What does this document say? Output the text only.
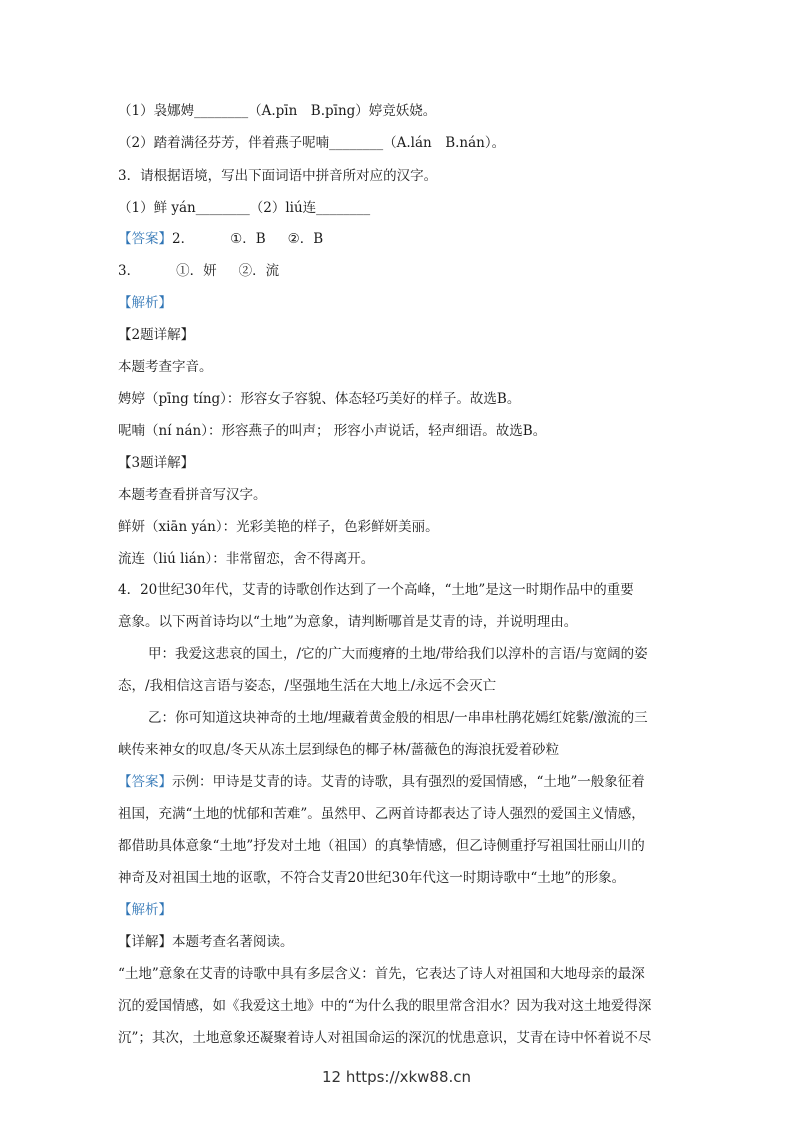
（1）袅娜娉________（A.pīn　B.pīng）婷竞妖娆。
（2）踏着满径芬芳，伴着燕子呢喃________（A.lán　B.nán）。
3．请根据语境，写出下面词语中拼音所对应的汉字。
（1）鲜 yán________（2）liú连________
【答案】2．	①．B ②．B
3．	①．妍 ②．流
【解析】
【2题详解】
本题考查字音。
娉婷（pīng tíng）：形容女子容貌、体态轻巧美好的样子。故选B。
呢喃（ní nán）：形容燕子的叫声； 形容小声说话，轻声细语。故选B。
【3题详解】
本题考查看拼音写汉字。
鲜妍（xiān yán）：光彩美艳的样子，色彩鲜妍美丽。
流连（liú lián）：非常留恋，舍不得离开。
4．20世纪30年代，艾青的诗歌创作达到了一个高峰，“土地”是这一时期作品中的重要
意象。以下两首诗均以“土地”为意象，请判断哪首是艾青的诗，并说明理由。
甲：我爱这悲哀的国土，/它的广大而瘦瘠的土地/带给我们以淳朴的言语/与宽阔的姿
态，/我相信这言语与姿态，/坚强地生活在大地上/永远不会灭亡
乙：你可知道这块神奇的土地/埋藏着黄金般的相思/一串串杜鹃花嫣红姹紫/激流的三
峡传来神女的叹息/冬天从冻土层到绿色的椰子林/蔷薇色的海浪抚爱着砂粒
【答案】示例：甲诗是艾青的诗。艾青的诗歌，具有强烈的爱国情感，“土地”一般象征着
祖国，充满“土地的忧郁和苦难”。虽然甲、乙两首诗都表达了诗人强烈的爱国主义情感，
都借助具体意象“土地”抒发对土地（祖国）的真挚情感，但乙诗侧重抒写祖国壮丽山川的
神奇及对祖国土地的讴歌，不符合艾青20世纪30年代这一时期诗歌中“土地”的形象。
【解析】
【详解】本题考查名著阅读。
“土地”意象在艾青的诗歌中具有多层含义：首先，它表达了诗人对祖国和大地母亲的最深
沉的爱国情感，如《我爱这土地》中的“为什么我的眼里常含泪水？因为我对这土地爱得深
沉”；其次，土地意象还凝聚着诗人对祖国命运的深沉的忧患意识，艾青在诗中怀着说不尽
12 https://xkw88.cn
